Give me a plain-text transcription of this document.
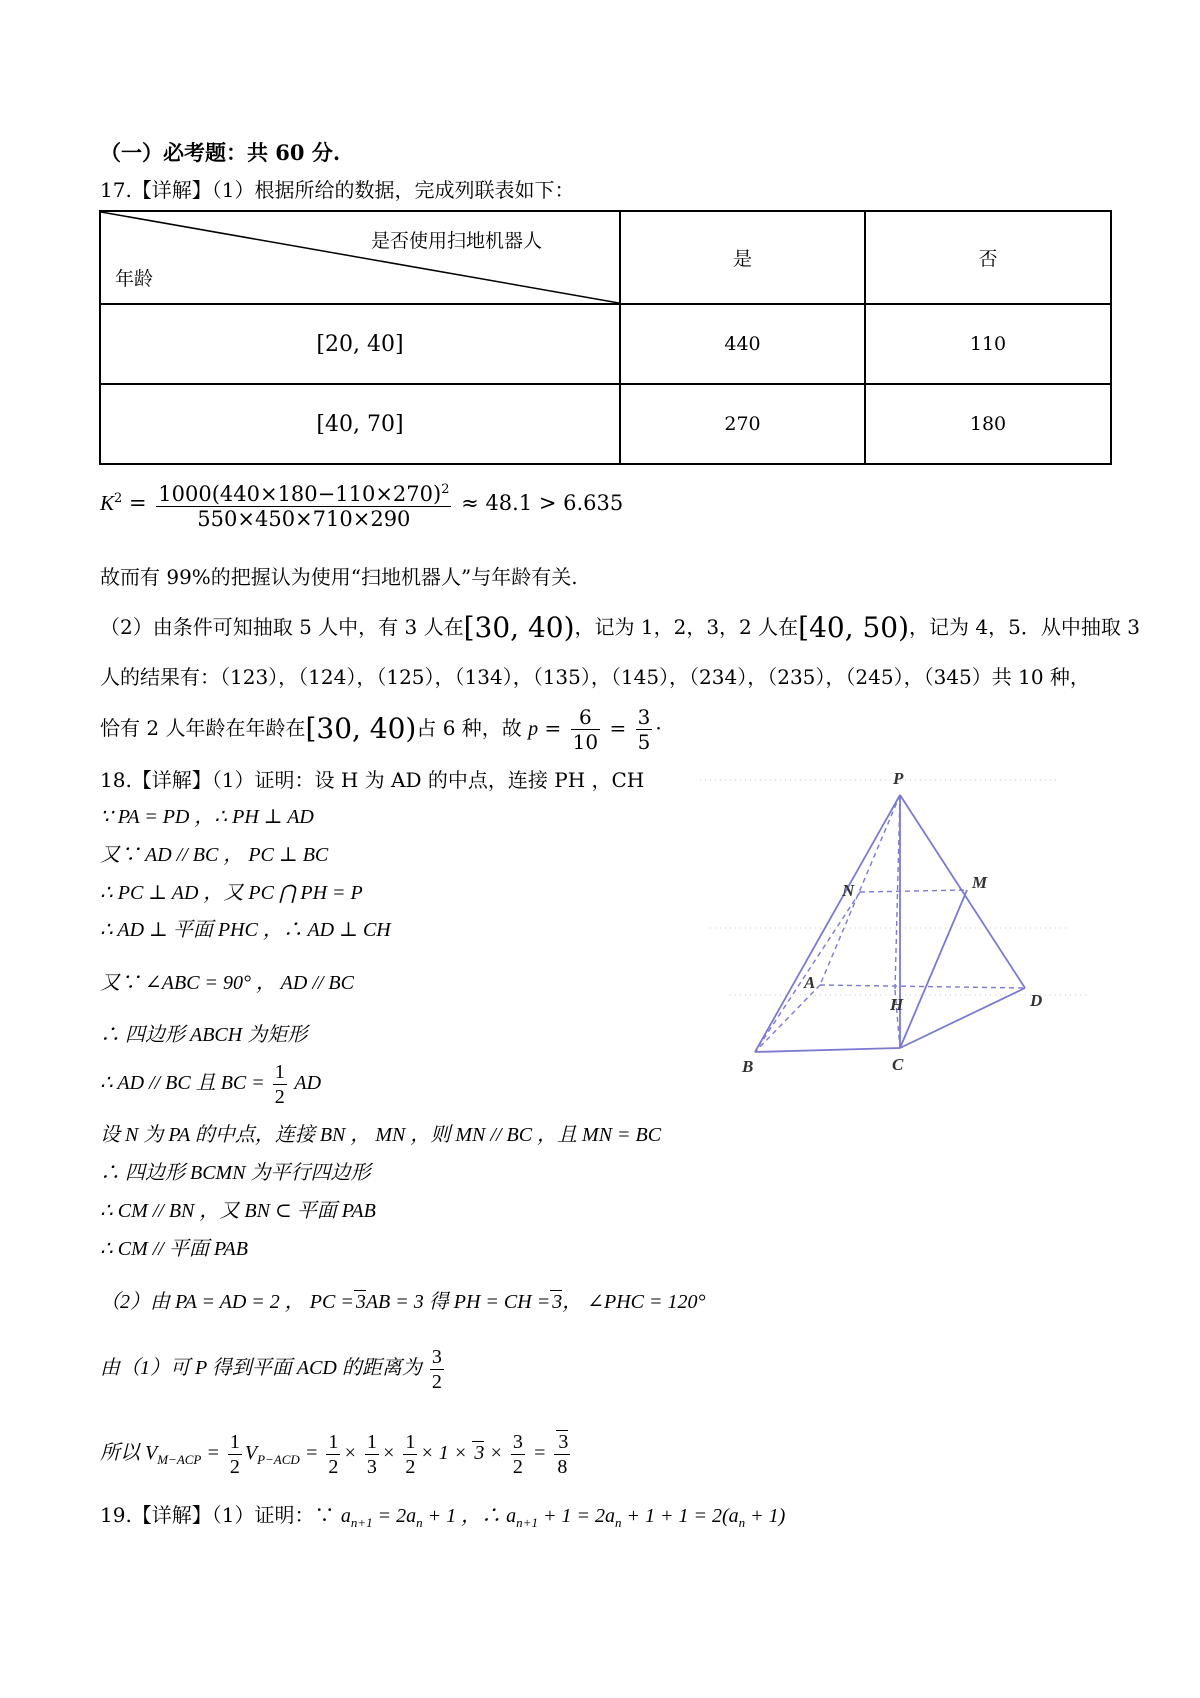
（一）必考题：共 60 分.
17.【详解】（1）根据所给的数据，完成列联表如下：
是否使用扫地机器人
年龄	是	否
[20, 40]	440	110
[40, 70]	270	180
$K^2 = \frac{1000(440\times 180-110\times 270)^2}{550\times 450\times 710\times 290} \approx 48.1 > 6.635$
故而有 99%的把握认为使用“扫地机器人”与年龄有关.
（2）由条件可知抽取 5 人中，有 3 人在[30, 40)，记为 1，2，3，2 人在[40, 50)，记为 4，5．从中抽取 3
人的结果有：（123），（124），（125），（134），（135），（145），（234），（235），（245），（345）共 10 种，
恰有 2 人年龄在年龄在[30, 40)占 6 种，故 $p = \frac{6}{10} = \frac{3}{5}$ ·
18.【详解】（1）证明：设 H 为 AD 的中点，连接 PH ，CH
∵ PA = PD ，∴ PH ⊥ AD
又∵ AD // BC ， PC ⊥ BC
∴ PC ⊥ AD ，又 PC ⋂ PH = P
∴ AD ⊥ 平面 PHC ，∴ AD ⊥ CH
又∵ ∠ABC = 90° ， AD // BC
∴ 四边形 ABCH 为矩形
∴ AD // BC 且 BC = $\frac{1}{2}$ AD
设 N 为 PA 的中点，连接 BN ， MN ，则 MN // BC ，且 MN = BC
∴ 四边形 BCMN 为平行四边形
∴ CM // BN ，又 BN ⊂ 平面 PAB
∴ CM // 平面 PAB
（2）由 PA = AD = 2 ， PC = 3AB = 3 得 PH = CH = 3， ∠PHC = 120°
由（1）可 P 得到平面 ACD 的距离为 $\frac{3}{2}$
所以 $V_{M-ACP} = \frac{1}{2} V_{P-ACD} = \frac{1}{2} \times \frac{1}{3} \times \frac{1}{2} \times 1 \times 3 \times \frac{3}{2} = \frac{3}{8}$
P
M
N
A
H	D
B	C
19.【详解】（1）证明：∵ $a_{n+1} = 2a_n + 1$ ，∴ $a_{n+1} + 1 = 2a_n + 1 + 1 = 2(a_n + 1)$
